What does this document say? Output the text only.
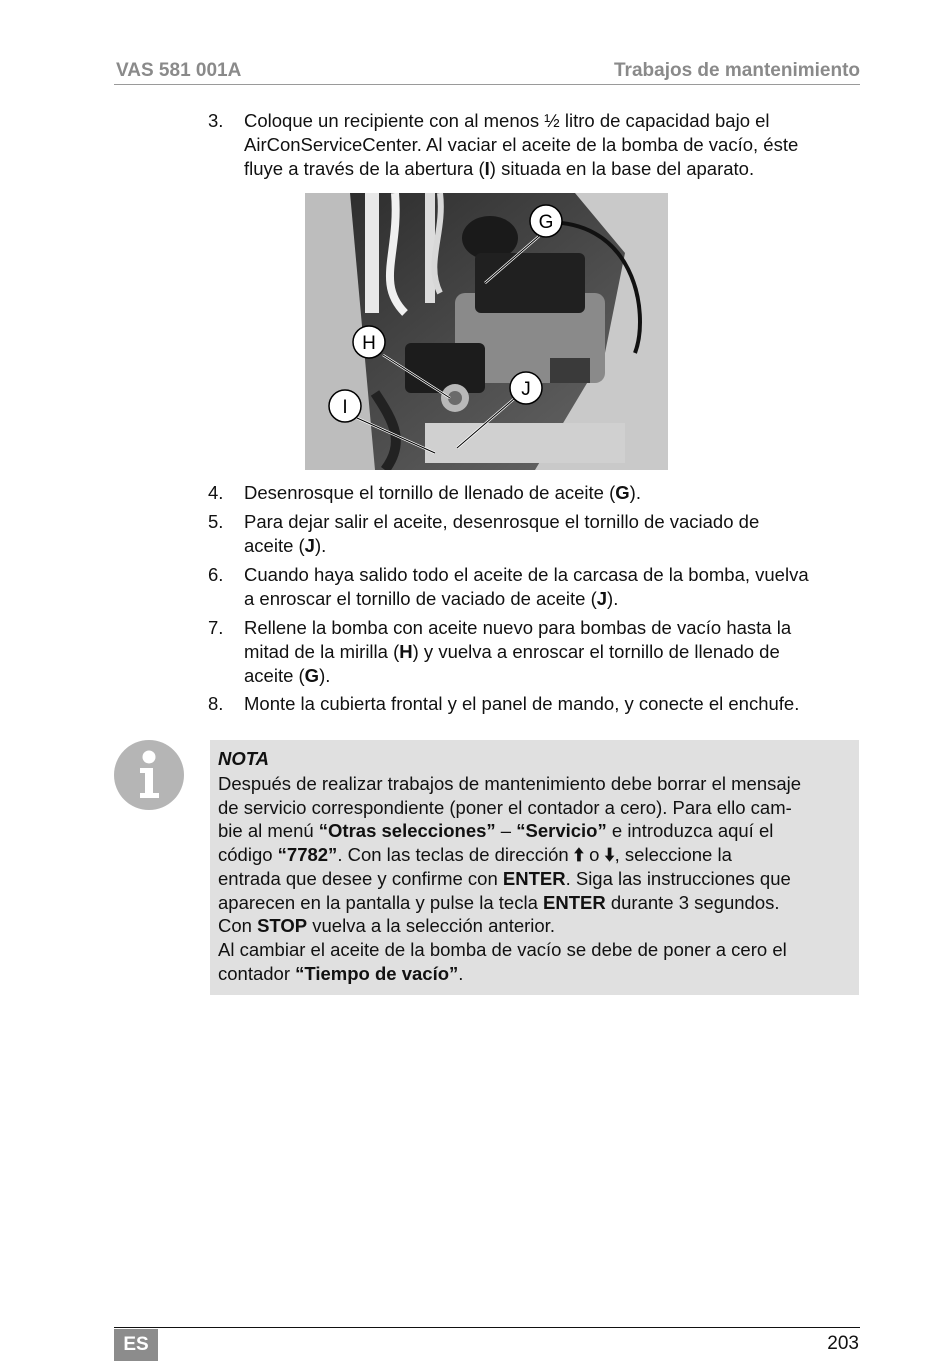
VAS 581 001A	Trabajos de mantenimiento
3. Coloque un recipiente con al menos ½ litro de capacidad bajo el
AirConServiceCenter. Al vaciar el aceite de la bomba de vacío, éste
fluye a través de la abertura (I) situada en la base del aparato.
G
H
I
J
4. Desenrosque el tornillo de llenado de aceite (G).
5. Para dejar salir el aceite, desenrosque el tornillo de vaciado de
aceite (J).
6. Cuando haya salido todo el aceite de la carcasa de la bomba, vuelva
a enroscar el tornillo de vaciado de aceite (J).
7. Rellene la bomba con aceite nuevo para bombas de vacío hasta la
mitad de la mirilla (H) y vuelva a enroscar el tornillo de llenado de
aceite (G).
8. Monte la cubierta frontal y el panel de mando, y conecte el enchufe.
NOTA
Después de realizar trabajos de mantenimiento debe borrar el mensaje
de servicio correspondiente (poner el contador a cero). Para ello cam-
bie al menú “Otras selecciones” – “Servicio” e introduzca aquí el
código “7782”. Con las teclas de dirección 🠩 o 🠫, seleccione la
entrada que desee y confirme con ENTER. Siga las instrucciones que
aparecen en la pantalla y pulse la tecla ENTER durante 3 segundos.
Con STOP vuelva a la selección anterior.
Al cambiar el aceite de la bomba de vacío se debe de poner a cero el
contador “Tiempo de vacío”.
ES	203
